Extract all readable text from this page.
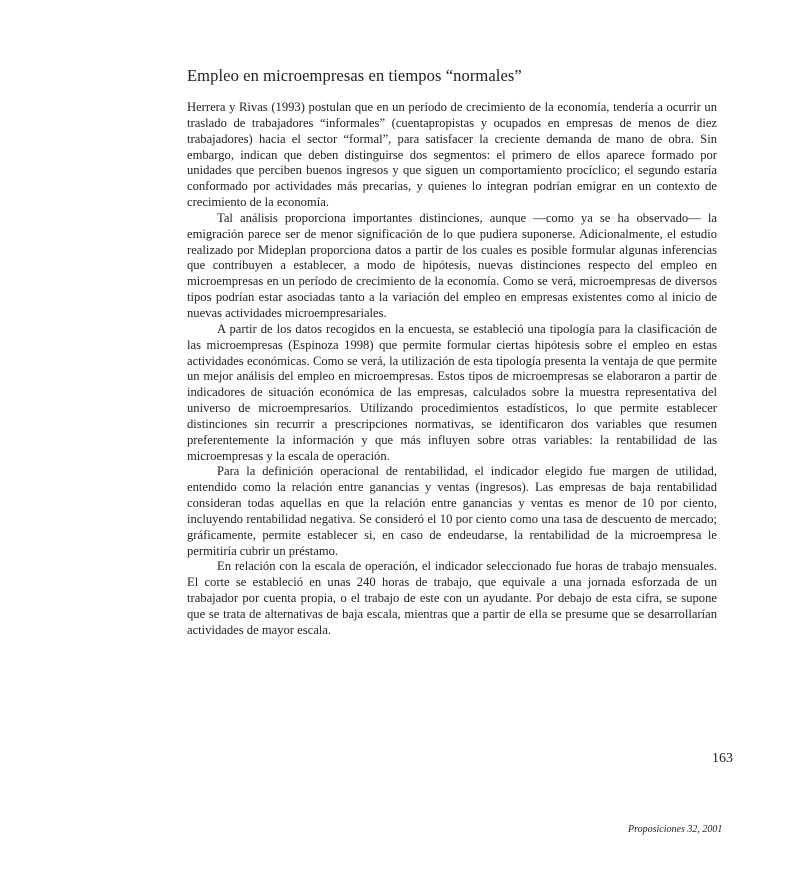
Empleo en microempresas en tiempos “normales”

Herrera y Rivas (1993) postulan que en un período de crecimiento de la economía, tendería a ocurrir un traslado de trabajadores “informales” (cuentapropistas y ocupados en empresas de menos de diez trabajadores) hacia el sector “formal”, para satisfacer la creciente demanda de mano de obra. Sin embargo, indican que deben distinguirse dos segmentos: el primero de ellos aparece formado por unidades que perciben buenos ingresos y que siguen un comportamiento procíclico; el segundo estaría conformado por actividades más precarias, y quienes lo integran podrían emigrar en un contexto de crecimiento de la economía.

Tal análisis proporciona importantes distinciones, aunque —como ya se ha observado— la emigración parece ser de menor significación de lo que pudiera suponerse. Adicionalmente, el estudio realizado por Mideplan proporciona datos a partir de los cuales es posible formular algunas inferencias que contribuyen a establecer, a modo de hipótesis, nuevas distinciones respecto del empleo en microempresas en un período de crecimiento de la economía. Como se verá, microempresas de diversos tipos podrían estar asociadas tanto a la variación del empleo en empresas existentes como al inicio de nuevas actividades microempresariales.

A partir de los datos recogidos en la encuesta, se estableció una tipología para la clasificación de las microempresas (Espinoza 1998) que permite formular ciertas hipótesis sobre el empleo en estas actividades económicas. Como se verá, la utilización de esta tipología presenta la ventaja de que permite un mejor análisis del empleo en microempresas. Estos tipos de microempresas se elaboraron a partir de indicadores de situación económica de las empresas, calculados sobre la muestra representativa del universo de microempresarios. Utilizando procedimientos estadísticos, lo que permite establecer distinciones sin recurrir a prescripciones normativas, se identificaron dos variables que resumen preferentemente la información y que más influyen sobre otras variables: la rentabilidad de las microempresas y la escala de operación.

Para la definición operacional de rentabilidad, el indicador elegido fue margen de utilidad, entendido como la relación entre ganancias y ventas (ingresos). Las empresas de baja rentabilidad consideran todas aquellas en que la relación entre ganancias y ventas es menor de 10 por ciento, incluyendo rentabilidad negativa. Se consideró el 10 por ciento como una tasa de descuento de mercado; gráficamente, permite establecer si, en caso de endeudarse, la rentabilidad de la microempresa le permitiría cubrir un préstamo.

En relación con la escala de operación, el indicador seleccionado fue horas de trabajo mensuales. El corte se estableció en unas 240 horas de trabajo, que equivale a una jornada esforzada de un trabajador por cuenta propia, o el trabajo de este con un ayudante. Por debajo de esta cifra, se supone que se trata de alternativas de baja escala, mientras que a partir de ella se presume que se desarrollarían actividades de mayor escala.

163
Proposiciones 32, 2001
